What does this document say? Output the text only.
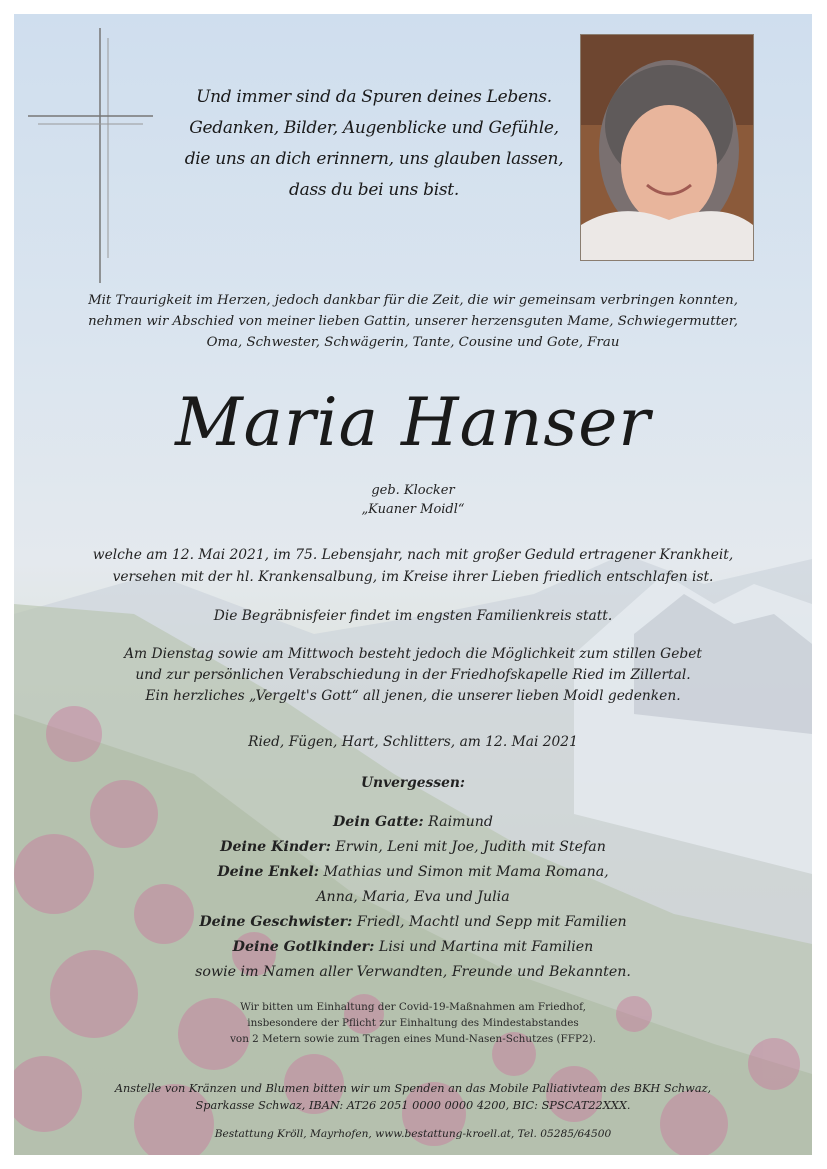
Und immer sind da Spuren deines Lebens.
Gedanken, Bilder, Augenblicke und Gefühle,
die uns an dich erinnern, uns glauben lassen,
dass du bei uns bist.
Mit Traurigkeit im Herzen, jedoch dankbar für die Zeit, die wir gemeinsam verbringen konnten,
nehmen wir Abschied von meiner lieben Gattin, unserer herzensguten Mame, Schwiegermutter,
Oma, Schwester, Schwägerin, Tante, Cousine und Gote, Frau
Maria Hanser
geb. Klocker
„Kuaner Moidl“
welche am 12. Mai 2021, im 75. Lebensjahr, nach mit großer Geduld ertragener Krankheit,
versehen mit der hl. Krankensalbung, im Kreise ihrer Lieben friedlich entschlafen ist.
Die Begräbnisfeier findet im engsten Familienkreis statt.
Am Dienstag sowie am Mittwoch besteht jedoch die Möglichkeit zum stillen Gebet
und zur persönlichen Verabschiedung in der Friedhofskapelle Ried im Zillertal.
Ein herzliches „Vergelt's Gott“ all jenen, die unserer lieben Moidl gedenken.
Ried, Fügen, Hart, Schlitters, am 12. Mai 2021
Unvergessen:
Dein Gatte: Raimund
Deine Kinder: Erwin, Leni mit Joe, Judith mit Stefan
Deine Enkel: Mathias und Simon mit Mama Romana,
Anna, Maria, Eva und Julia
Deine Geschwister: Friedl, Machtl und Sepp mit Familien
Deine Gotlkinder: Lisi und Martina mit Familien
sowie im Namen aller Verwandten, Freunde und Bekannten.
Wir bitten um Einhaltung der Covid-19-Maßnahmen am Friedhof,
insbesondere der Pflicht zur Einhaltung des Mindestabstandes
von 2 Metern sowie zum Tragen eines Mund-Nasen-Schutzes (FFP2).
Anstelle von Kränzen und Blumen bitten wir um Spenden an das Mobile Palliativteam des BKH Schwaz,
Sparkasse Schwaz, IBAN: AT26 2051 0000 0000 4200, BIC: SPSCAT22XXX.
Bestattung Kröll, Mayrhofen, www.bestattung-kroell.at, Tel. 05285/64500
